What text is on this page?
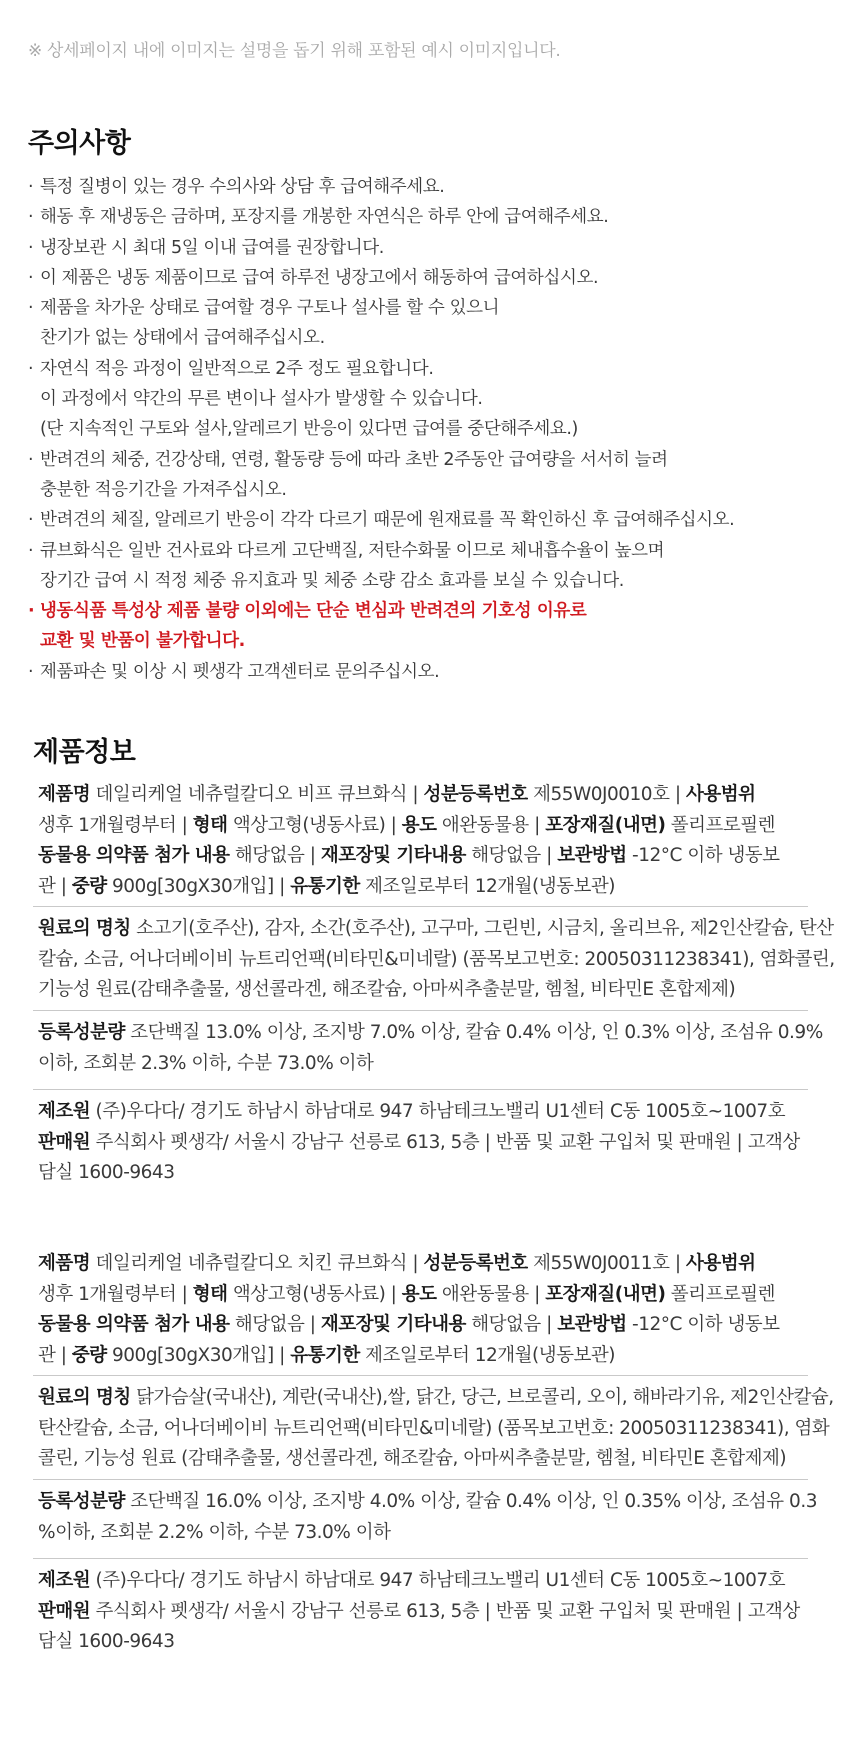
※ 상세페이지 내에 이미지는 설명을 돕기 위해 포함된 예시 이미지입니다.
주의사항
· 특정 질병이 있는 경우 수의사와 상담 후 급여해주세요.
· 해동 후 재냉동은 금하며, 포장지를 개봉한 자연식은 하루 안에 급여해주세요.
· 냉장보관 시 최대 5일 이내 급여를 권장합니다.
· 이 제품은 냉동 제품이므로 급여 하루전 냉장고에서 해동하여 급여하십시오.
· 제품을 차가운 상태로 급여할 경우 구토나 설사를 할 수 있으니
찬기가 없는 상태에서 급여해주십시오.
· 자연식 적응 과정이 일반적으로 2주 정도 필요합니다.
이 과정에서 약간의 무른 변이나 설사가 발생할 수 있습니다.
(단 지속적인 구토와 설사,알레르기 반응이 있다면 급여를 중단해주세요.)
· 반려견의 체중, 건강상태, 연령, 활동량 등에 따라 초반 2주동안 급여량을 서서히 늘려
충분한 적응기간을 가져주십시오.
· 반려견의 체질, 알레르기 반응이 각각 다르기 때문에 원재료를 꼭 확인하신 후 급여해주십시오.
· 큐브화식은 일반 건사료와 다르게 고단백질, 저탄수화물 이므로 체내흡수율이 높으며
장기간 급여 시 적정 체중 유지효과 및 체중 소량 감소 효과를 보실 수 있습니다.
· 냉동식품 특성상 제품 불량 이외에는 단순 변심과 반려견의 기호성 이유로
교환 및 반품이 불가합니다.
· 제품파손 및 이상 시 펫생각 고객센터로 문의주십시오.
제품정보
제품명 데일리케얼 네츄럴칼디오 비프 큐브화식 | 성분등록번호 제55W0J0010호 | 사용범위
생후 1개월령부터 | 형태 액상고형(냉동사료) | 용도 애완동물용 | 포장재질(내면) 폴리프로필렌
동물용 의약품 첨가 내용 해당없음 | 재포장및 기타내용 해당없음 | 보관방법 -12°C 이하 냉동보
관 | 중량 900g[30gX30개입] | 유통기한 제조일로부터 12개월(냉동보관)
원료의 명칭 소고기(호주산), 감자, 소간(호주산), 고구마, 그린빈, 시금치, 올리브유, 제2인산칼슘, 탄산
칼슘, 소금, 어나더베이비 뉴트리언팩(비타민&미네랄) (품목보고번호: 20050311238341), 염화콜린,
기능성 원료(감태추출물, 생선콜라겐, 해조칼슘, 아마씨추출분말, 헴철, 비타민E 혼합제제)
등록성분량 조단백질 13.0% 이상, 조지방 7.0% 이상, 칼슘 0.4% 이상, 인 0.3% 이상, 조섬유 0.9%
이하, 조회분 2.3% 이하, 수분 73.0% 이하
제조원 (주)우다다/ 경기도 하남시 하남대로 947 하남테크노밸리 U1센터 C동 1005호~1007호
판매원 주식회사 펫생각/ 서울시 강남구 선릉로 613, 5층 | 반품 및 교환 구입처 및 판매원 | 고객상
담실 1600-9643
제품명 데일리케얼 네츄럴칼디오 치킨 큐브화식 | 성분등록번호 제55W0J0011호 | 사용범위
생후 1개월령부터 | 형태 액상고형(냉동사료) | 용도 애완동물용 | 포장재질(내면) 폴리프로필렌
동물용 의약품 첨가 내용 해당없음 | 재포장및 기타내용 해당없음 | 보관방법 -12°C 이하 냉동보
관 | 중량 900g[30gX30개입] | 유통기한 제조일로부터 12개월(냉동보관)
원료의 명칭 닭가슴살(국내산), 계란(국내산),쌀, 닭간, 당근, 브로콜리, 오이, 해바라기유, 제2인산칼슘,
탄산칼슘, 소금, 어나더베이비 뉴트리언팩(비타민&미네랄) (품목보고번호: 20050311238341), 염화
콜린, 기능성 원료 (감태추출물, 생선콜라겐, 해조칼슘, 아마씨추출분말, 헴철, 비타민E 혼합제제)
등록성분량 조단백질 16.0% 이상, 조지방 4.0% 이상, 칼슘 0.4% 이상, 인 0.35% 이상, 조섬유 0.3
%이하, 조회분 2.2% 이하, 수분 73.0% 이하
제조원 (주)우다다/ 경기도 하남시 하남대로 947 하남테크노밸리 U1센터 C동 1005호~1007호
판매원 주식회사 펫생각/ 서울시 강남구 선릉로 613, 5층 | 반품 및 교환 구입처 및 판매원 | 고객상
담실 1600-9643
